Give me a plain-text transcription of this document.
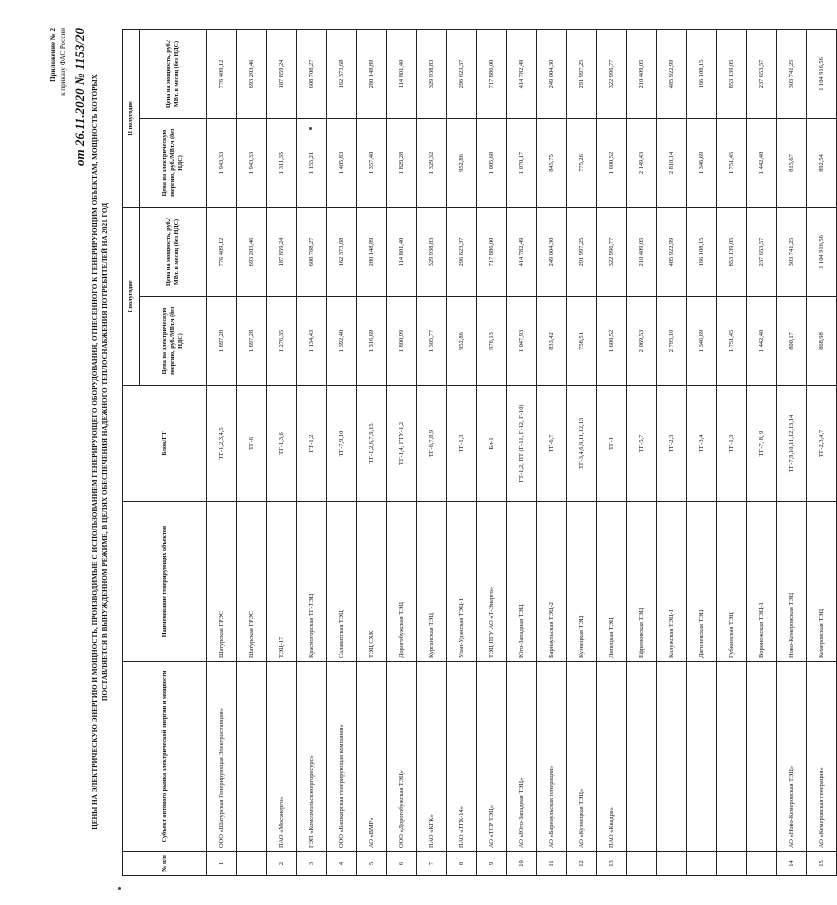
Приложение № 2 к приказу ФАС России
от 26.11.2020 № 1153/20
ЦЕНЫ НА ЭЛЕКТРИЧЕСКУЮ ЭНЕРГИЮ И МОЩНОСТЬ, ПРОИЗВОДИМЫЕ С ИСПОЛЬЗОВАНИЕМ ГЕНЕРИРУЮЩЕГО ОБОРУДОВАНИЯ, ОТНЕСЕННОГО К ГЕНЕРИРУЮЩИМ ОБЪЕКТАМ, МОЩНОСТЬ КОТОРЫХ ПОСТАВЛЯЕТСЯ В ВЫНУЖДЕННОМ РЕЖИМЕ, В ЦЕЛЯХ ОБЕСПЕЧЕНИЯ НАДЕЖНОГО ТЕПЛОСНАБЖЕНИЯ ПОТРЕБИТЕЛЕЙ НА 2021 ГОД
№ п/п	Субъект оптового рынка электрической энергии и мощности	Наименование генерирующих объектов	Блок/ГТ	I полугодие		II полугодие	
				Цена на электрическую энергию, руб./МВт.ч (без НДС)	Цена на мощность, руб./МВт. в месяц (без НДС)	Цена на электрическую энергию, руб./МВт.ч (без НДС)	Цена на мощность, руб./МВт. в месяц (без НДС)
1	ООО «Шатурская Генерирующая Электростанция»	Шатурская ГРЭС	ТГ-1,2,3,4,5	1 897,28	776 409,12	1 943,33	776 409,12
		Шатурская ГРЭС	ТГ-6	1 897,28	693 203,46	1 943,33	693 203,46
2	ПАО «Мосэнерго»	ТЭЦ-17	ТГ-1,3,6	1 276,35	187 859,24	1 311,35	187 859,24
3	ГЭП «Комсомольскэнергоресурс»	Красногорская ТГ-ТЭЦ	ГТ-1,2	1 134,43	608 708,27	1 155,21	608 708,27
4	ООО «Башкирская генерирующая компания»	Салаватская ТЭЦ	ТГ-7,9,10	1 392,40	162 373,68	1 405,83	162 373,68
5	АО «ВМР»	ТЭЦ СХК	ТГ-1,2,6,7,9,15	1 316,69	280 148,89	1 357,40	280 148,89
6	ООО «Дорогобужская ТЭЦ»	Дорогобужская ТЭЦ	ТГ-1,4, ГТУ-1,2	1 800,99	114 801,40	1 829,28	114 801,40
7	ПАО «КГК»	Курганская ТЭЦ	ТГ-6,7,8,9	1 305,77	329 938,83	1 329,32	329 938,83
8	ПАО «ТГК-14»	Улан-Удэнская ТЭЦ-1	ТГ-1,3	952,86	296 623,37	952,86	296 623,37
9	АО «ТСР ТЭЦ»	ТЭЦ ПГУ АО «Т-Энерго»	Бл-1	976,13	717 886,00	1 005,68	717 886,00
10	АО «Юго-Западная ТЭЦ»	Юго-Западная ТЭЦ	ГТ-1,2, ПТ (Г-11, Г-12, Г-10)	1 047,93	414 782,49	1 070,17	414 782,49
11	АО «Барнаульская генерация»	Барнаульская ТЭЦ-2	ТГ-6,7	833,42	249 004,30	845,75	249 004,30
12	АО «Кузнецкая ТЭЦ»	Кузнецкая ТЭЦ	ТГ-3,4,6,9,11,12,13	758,51	291 997,25	775,26	291 997,25
13	ПАО «Квадра»	Липецкая ТЭЦ	ТГ-1	1 600,52	322 996,77	1 600,52	322 996,77
		Ефремовская ТЭЦ	ТГ-5,7	2 069,53	210 409,05	2 149,43	210 409,05
		Калужская ТЭЦ-1	ТГ-2,3	2 795,10	485 922,99	2 810,14	485 922,99
		Дягилевская ТЭЦ	ТГ-3,4	1 346,69	166 108,15	1 346,69	166 108,15
		Губкинская ТЭЦ	ТГ-1,3	1 751,45	853 139,05	1 751,45	853 139,05
		Воронежская ТЭЦ-1	ТГ-7, 8, 9	1 442,40	237 653,57	1 442,40	237 653,57
14	АО «Ново-Кемеровская ТЭЦ»	Ново-Кемеровская ТЭЦ	ТГ-7,9,10,11,12,13,14	800,17	303 741,25	815,67	303 741,25
15	АО «Кемеровская генерация»	Кемеровская ТЭЦ	ТГ-2,3,4,7	868,98	1 104 916,56	892,54	1 104 916,56
